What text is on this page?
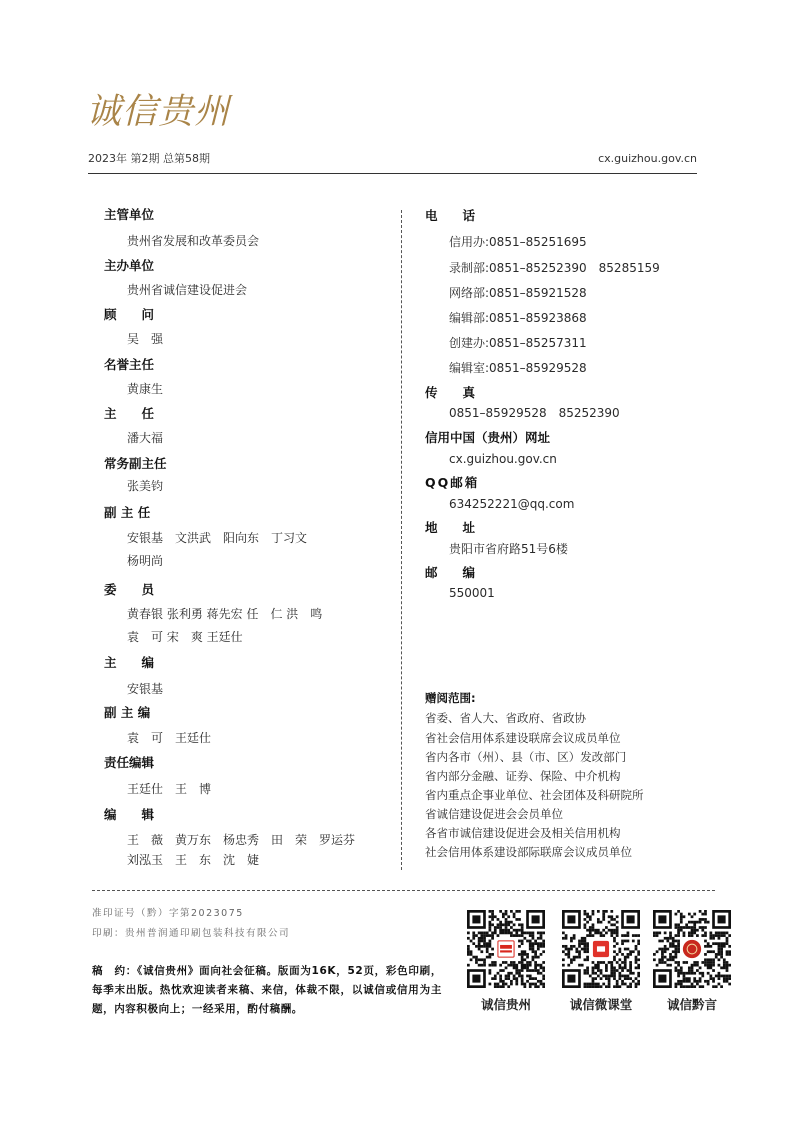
诚信贵州
2023年 第2期 总第58期	cx.guizhou.gov.cn
主管单位
贵州省发展和改革委员会
主办单位
贵州省诚信建设促进会
顾　　问
吴　强
名誉主任
黄康生
主　　任
潘大福
常务副主任
张美钧
副 主 任
安银基　文洪武　阳向东　丁习文
杨明尚
委　　员
黄春银 张利勇 蒋先宏 任　仁 洪　鸣
袁　可 宋　爽 王廷仕
主　　编
安银基
副 主 编
袁　可　王廷仕
责任编辑
王廷仕　王　博
编　　辑
王　薇　黄万东　杨忠秀　田　荣　罗运芬
刘泓玉　王　东　沈　婕
电　　话
信用办:0851–85251695
录制部:0851–85252390　85285159
网络部:0851–85921528
编辑部:0851–85923868
创建办:0851–85257311
编辑室:0851–85929528
传　　真
0851–85929528　85252390
信用中国（贵州）网址
cx.guizhou.gov.cn
QQ邮箱
634252221@qq.com
地　　址
贵阳市省府路51号6楼
邮　　编
550001
赠阅范围:
省委、省人大、省政府、省政协
省社会信用体系建设联席会议成员单位
省内各市（州）、县（市、区）发改部门
省内部分金融、证券、保险、中介机构
省内重点企事业单位、社会团体及科研院所
省诚信建设促进会会员单位
各省市诚信建设促进会及相关信用机构
社会信用体系建设部际联席会议成员单位
准印证号（黔）字第2023075
印刷：贵州普润通印刷包装科技有限公司
稿　约：《诚信贵州》面向社会征稿。版面为16K，52页，彩色印刷，每季末出版。热忱欢迎读者来稿、来信，体裁不限，以诚信或信用为主题，内容积极向上；一经采用，酌付稿酬。	诚信贵州	诚信微课堂	诚信黔言
